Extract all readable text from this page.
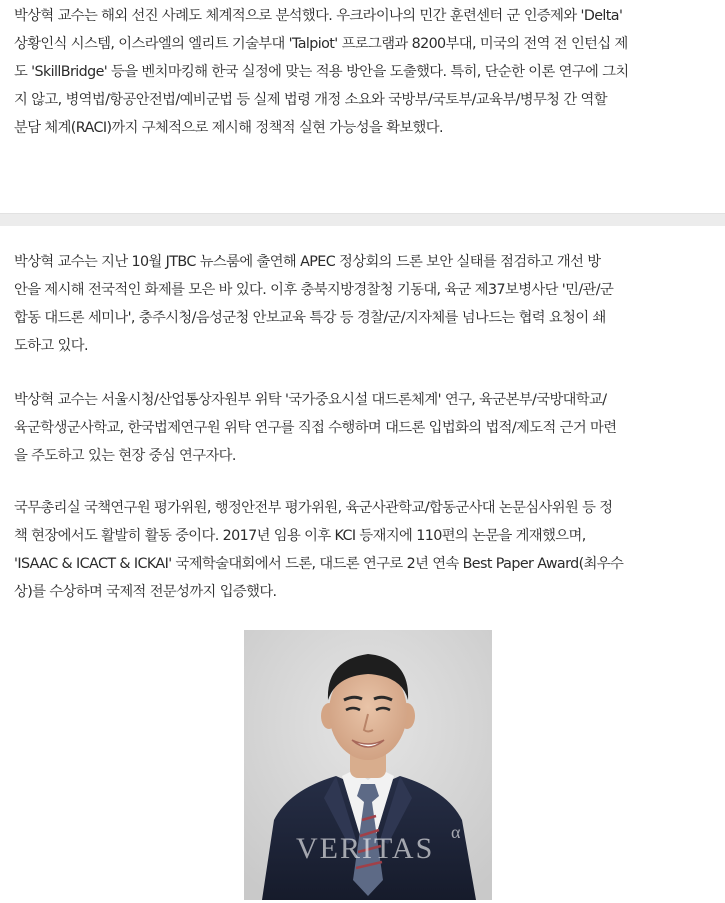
박상혁 교수는 해외 선진 사례도 체계적으로 분석했다. 우크라이나의 민간 훈련센터 군 인증제와 'Delta'
상황인식 시스템, 이스라엘의 엘리트 기술부대 'Talpiot' 프로그램과 8200부대, 미국의 전역 전 인턴십 제
도 'SkillBridge' 등을 벤치마킹해 한국 실정에 맞는 적용 방안을 도출했다. 특히, 단순한 이론 연구에 그치
지 않고, 병역법/항공안전법/예비군법 등 실제 법령 개정 소요와 국방부/국토부/교육부/병무청 간 역할
분담 체계(RACI)까지 구체적으로 제시해 정책적 실현 가능성을 확보했다.
박상혁 교수는 지난 10월 JTBC 뉴스룸에 출연해 APEC 정상회의 드론 보안 실태를 점검하고 개선 방
안을 제시해 전국적인 화제를 모은 바 있다. 이후 충북지방경찰청 기동대, 육군 제37보병사단 '민/관/군
합동 대드론 세미나', 충주시청/음성군청 안보교육 특강 등 경찰/군/지자체를 넘나드는 협력 요청이 쇄
도하고 있다.
박상혁 교수는 서울시청/산업통상자원부 위탁 '국가중요시설 대드론체계' 연구, 육군본부/국방대학교/
육군학생군사학교, 한국법제연구원 위탁 연구를 직접 수행하며 대드론 입법화의 법적/제도적 근거 마련
을 주도하고 있는 현장 중심 연구자다.
국무총리실 국책연구원 평가위원, 행정안전부 평가위원, 육군사관학교/합동군사대 논문심사위원 등 정
책 현장에서도 활발히 활동 중이다. 2017년 임용 이후 KCI 등재지에 110편의 논문을 게재했으며,
'ISAAC & ICACT & ICKAI' 국제학술대회에서 드론, 대드론 연구로 2년 연속 Best Paper Award(최우수
상)를 수상하며 국제적 전문성까지 입증했다.
VERITAS α
